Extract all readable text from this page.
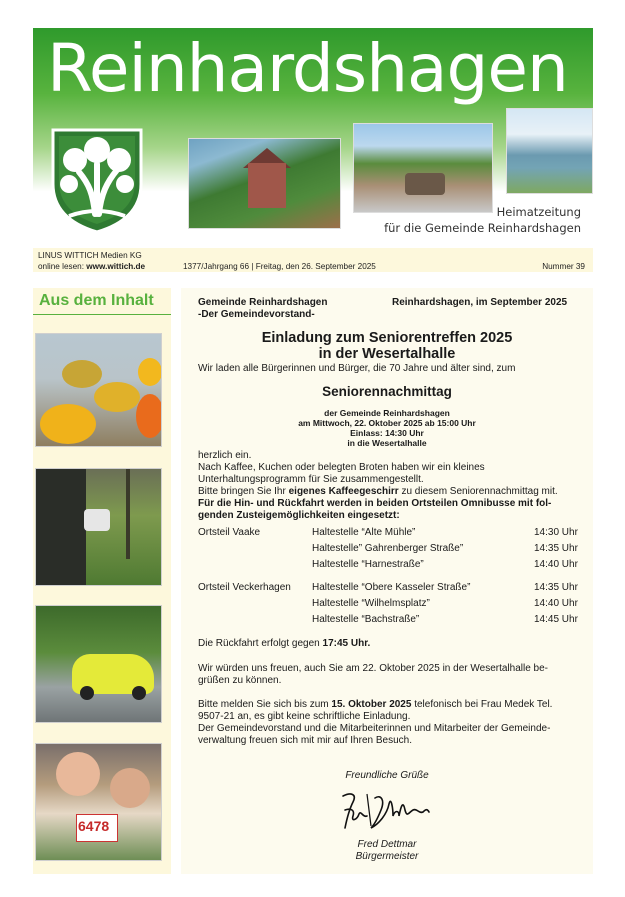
Reinhardshagen
Heimatzeitung
für die Gemeinde Reinhardshagen
LINUS WITTICH Medien KG
online lesen: www.wittich.de	1377/Jahrgang 66 | Freitag, den 26. September 2025	Nummer 39
Aus dem Inhalt
6478
Gemeinde Reinhardshagen
-Der Gemeindevorstand-
Reinhardshagen, im September 2025
Einladung zum Seniorentreffen 2025
in der Wesertalhalle
Wir laden alle Bürgerinnen und Bürger, die 70 Jahre und älter sind, zum
Seniorennachmittag
der Gemeinde Reinhardshagen
am Mittwoch, 22. Oktober 2025 ab 15:00 Uhr
Einlass: 14:30 Uhr
in die Wesertalhalle
herzlich ein.
Nach Kaffee, Kuchen oder belegten Broten haben wir ein kleines
Unterhaltungsprogramm für Sie zusammengestellt.
Bitte bringen Sie Ihr eigenes Kaffeegeschirr zu diesem Seniorennachmittag mit.
Für die Hin- und Rückfahrt werden in beiden Ortsteilen Omnibusse mit fol-
genden Zusteigemöglichkeiten eingesetzt:
Ortsteil Vaake	Haltestelle “Alte Mühle”	14:30 Uhr
Haltestelle” Gahrenberger Straße”	14:35 Uhr
Haltestelle “Harnestraße”	14:40 Uhr
Ortsteil Veckerhagen Haltestelle “Obere Kasseler Straße”	14:35 Uhr
Haltestelle “Wilhelmsplatz”	14:40 Uhr
Haltestelle “Bachstraße”	14:45 Uhr
Die Rückfahrt erfolgt gegen 17:45 Uhr.
Wir würden uns freuen, auch Sie am 22. Oktober 2025 in der Wesertalhalle be-
grüßen zu können.
Bitte melden Sie sich bis zum 15. Oktober 2025 telefonisch bei Frau Medek Tel.
9507-21 an, es gibt keine schriftliche Einladung.
Der Gemeindevorstand und die Mitarbeiterinnen und Mitarbeiter der Gemeinde-
verwaltung freuen sich mit mir auf Ihren Besuch.
Freundliche Grüße
Fred Dettmar
Bürgermeister
